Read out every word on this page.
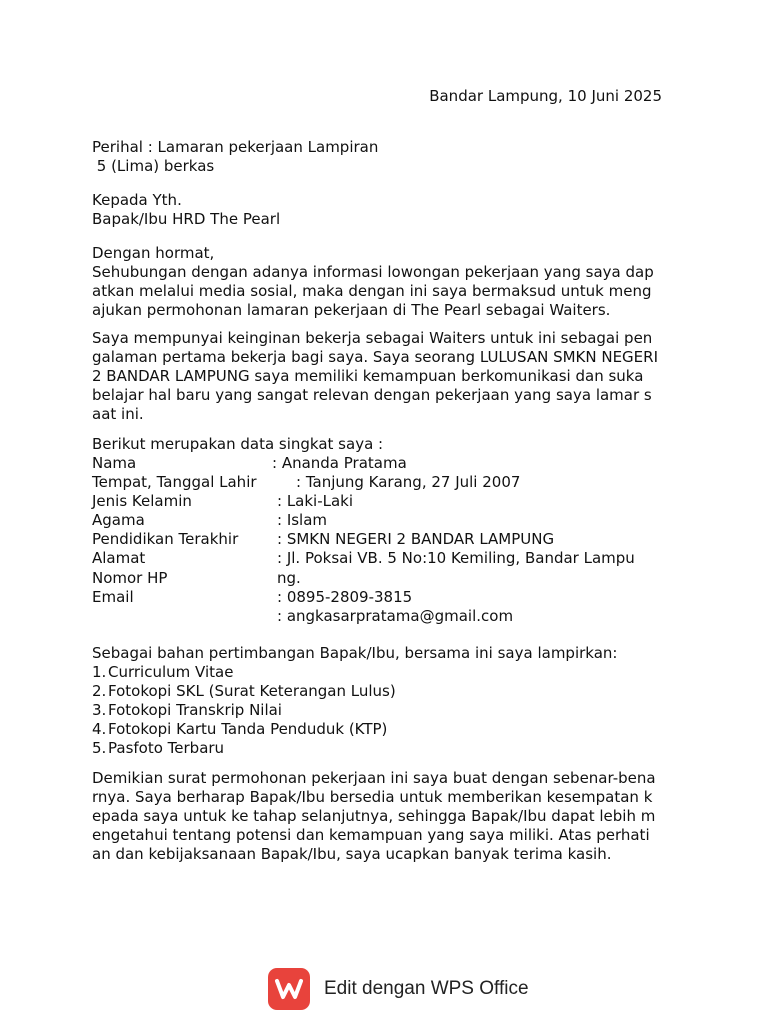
Bandar Lampung, 10 Juni 2025
Perihal : Lamaran pekerjaan Lampiran
5 (Lima) berkas
Kepada Yth.
Bapak/Ibu HRD The Pearl
Dengan hormat,
Sehubungan dengan adanya informasi lowongan pekerjaan yang saya dap
atkan melalui media sosial, maka dengan ini saya bermaksud untuk meng
ajukan permohonan lamaran pekerjaan di The Pearl sebagai Waiters.
Saya mempunyai keinginan bekerja sebagai Waiters untuk ini sebagai pen
galaman pertama bekerja bagi saya. Saya seorang LULUSAN SMKN NEGERI
2 BANDAR LAMPUNG saya memiliki kemampuan berkomunikasi dan suka
belajar hal baru yang sangat relevan dengan pekerjaan yang saya lamar s
aat ini.
Berikut merupakan data singkat saya :
Nama
Tempat, Tanggal Lahir
Jenis Kelamin
Agama
Pendidikan Terakhir
Alamat
Nomor HP
Email
: Ananda Pratama
: Tanjung Karang, 27 Juli 2007
: Laki-Laki
: Islam
: SMKN NEGERI 2 BANDAR LAMPUNG
: Jl. Poksai VB. 5 No:10 Kemiling, Bandar Lampu
ng.
: 0895-2809-3815
: angkasarpratama@gmail.com
Sebagai bahan pertimbangan Bapak/Ibu, bersama ini saya lampirkan:
1. Curriculum Vitae
2. Fotokopi SKL (Surat Keterangan Lulus)
3. Fotokopi Transkrip Nilai
4. Fotokopi Kartu Tanda Penduduk (KTP)
5. Pasfoto Terbaru
Demikian surat permohonan pekerjaan ini saya buat dengan sebenar-bena
rnya. Saya berharap Bapak/Ibu bersedia untuk memberikan kesempatan k
epada saya untuk ke tahap selanjutnya, sehingga Bapak/Ibu dapat lebih m
engetahui tentang potensi dan kemampuan yang saya miliki. Atas perhati
an dan kebijaksanaan Bapak/Ibu, saya ucapkan banyak terima kasih.
Edit dengan WPS Office
